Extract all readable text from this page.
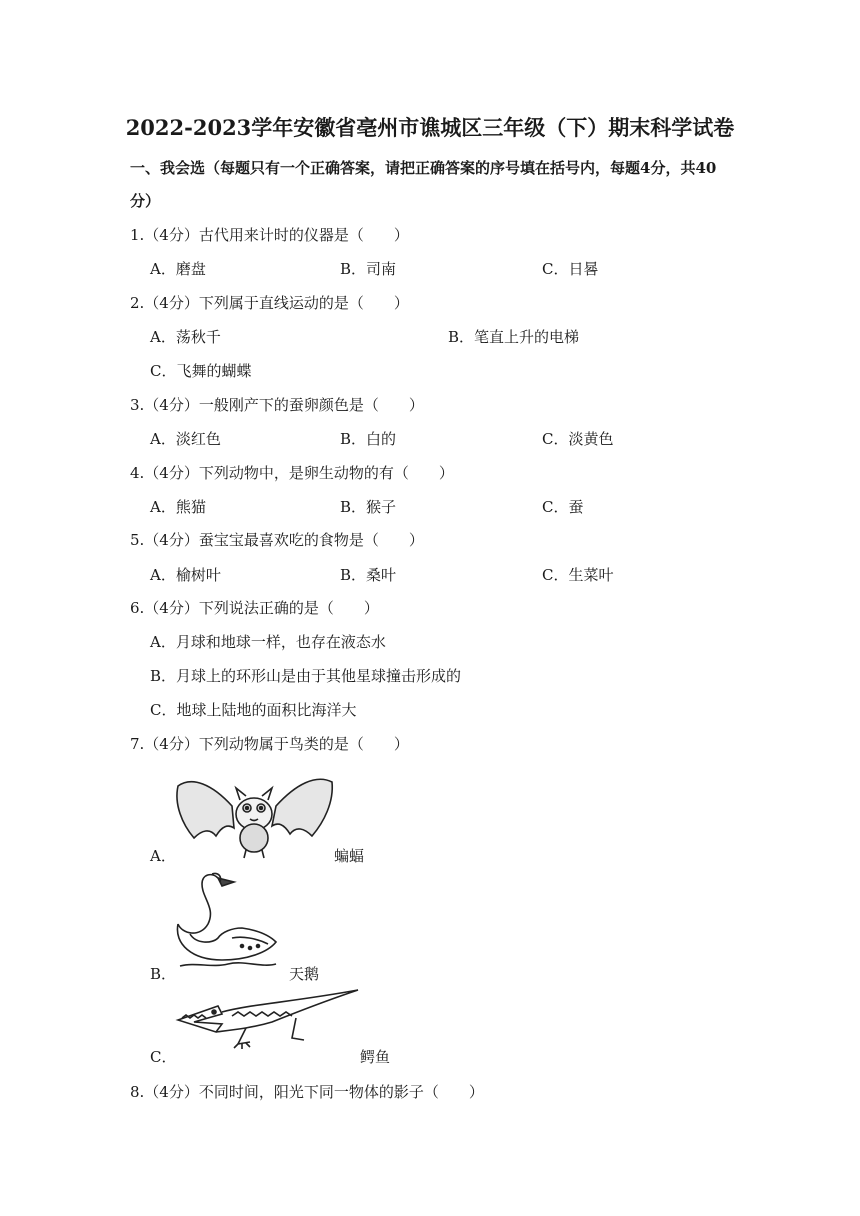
2022-2023学年安徽省亳州市谯城区三年级（下）期末科学试卷
一、我会选（每题只有一个正确答案，请把正确答案的序号填在括号内，每题4分，共40
分）
1.（4分）古代用来计时的仪器是（　　）
A．磨盘	B．司南	C．日晷
2.（4分）下列属于直线运动的是（　　）
A．荡秋千	B．笔直上升的电梯
C．飞舞的蝴蝶
3.（4分）一般刚产下的蚕卵颜色是（　　）
A．淡红色	B．白的	C．淡黄色
4.（4分）下列动物中，是卵生动物的有（　　）
A．熊猫	B．猴子	C．蚕
5.（4分）蚕宝宝最喜欢吃的食物是（　　）
A．榆树叶	B．桑叶	C．生菜叶
6.（4分）下列说法正确的是（　　）
A．月球和地球一样，也存在液态水
B．月球上的环形山是由于其他星球撞击形成的
C．地球上陆地的面积比海洋大
7.（4分）下列动物属于鸟类的是（　　）
A．	蝙蝠
B．	天鹅
C．	鳄鱼
8.（4分）不同时间，阳光下同一物体的影子（　　）
